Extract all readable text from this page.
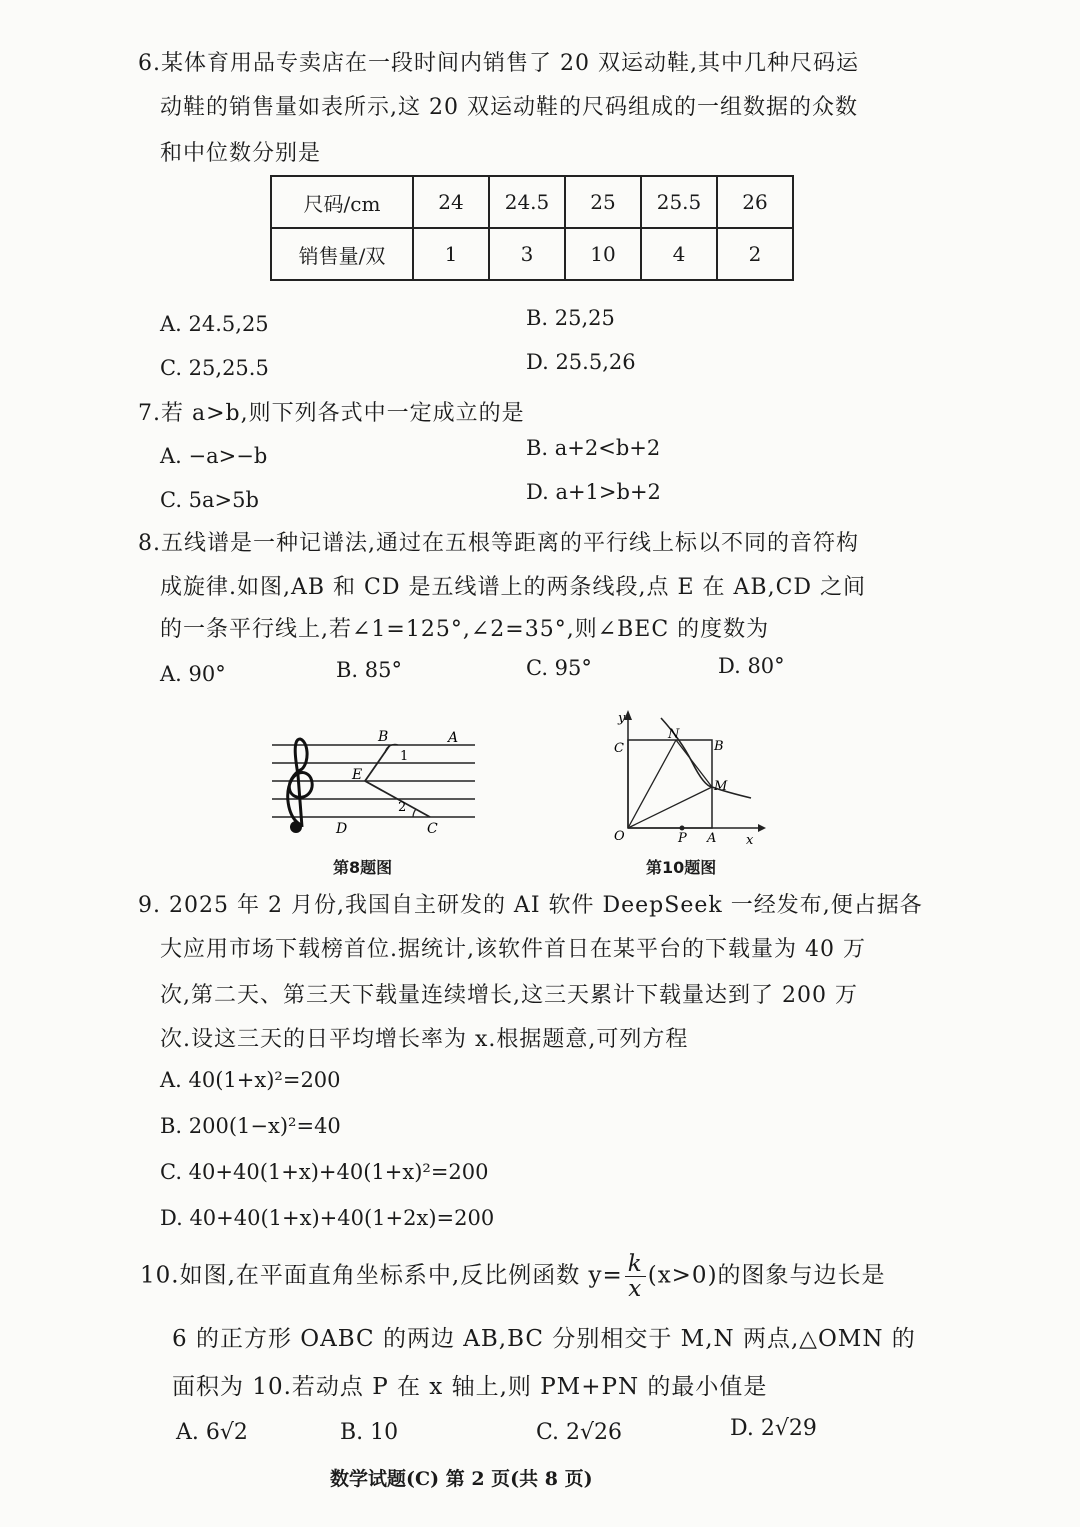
6.某体育用品专卖店在一段时间内销售了 20 双运动鞋,其中几种尺码运
动鞋的销售量如表所示,这 20 双运动鞋的尺码组成的一组数据的众数
和中位数分别是
尺码/cm	24	24.5	25	25.5	26
销售量/双	1	3	10	4	2
A. 24.5,25	B. 25,25
C. 25,25.5	D. 25.5,26
7.若 a>b,则下列各式中一定成立的是
A. −a>−b	B. a+2<b+2
C. 5a>5b	D. a+1>b+2
8.五线谱是一种记谱法,通过在五根等距离的平行线上标以不同的音符构
成旋律.如图,AB 和 CD 是五线谱上的两条线段,点 E 在 AB,CD 之间
的一条平行线上,若∠1=125°,∠2=35°,则∠BEC 的度数为
A. 90°	B. 85°	C. 95°	D. 80°
B	A
E
1
2
D	C
第8题图
y
x
O
C
N
B
M
P A
第10题图
9. 2025 年 2 月份,我国自主研发的 AI 软件 DeepSeek 一经发布,便占据各
大应用市场下载榜首位.据统计,该软件首日在某平台的下载量为 40 万
次,第二天、第三天下载量连续增长,这三天累计下载量达到了 200 万
次.设这三天的日平均增长率为 x.根据题意,可列方程
A. 40(1+x)²=200
B. 200(1−x)²=40
C. 40+40(1+x)+40(1+x)²=200
D. 40+40(1+x)+40(1+2x)=200
10.如图,在平面直角坐标系中,反比例函数 $y= \frac{k}{x} (x>0)$的图象与边长是
6 的正方形 OABC 的两边 AB,BC 分别相交于 M,N 两点,△OMN 的
面积为 10.若动点 P 在 x 轴上,则 PM+PN 的最小值是
A. 6√2	B. 10	C. 2√26	D. 2√29
数学试题(C) 第 2 页(共 8 页)
